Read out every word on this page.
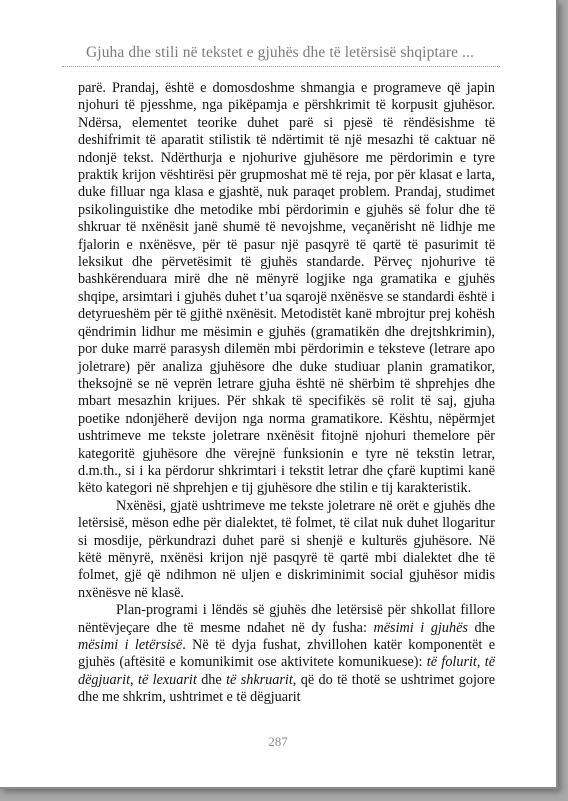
Gjuha dhe stili në tekstet e gjuhës dhe të letërsisë shqiptare ...

parë. Prandaj, është e domosdoshme shmangia e programeve që japin njohuri të pjesshme, nga pikëpamja e përshkrimit të korpusit gjuhësor. Ndërsa, elementet teorike duhet parë si pjesë të rëndësishme të deshifrimit të aparatit stilistik të ndërtimit të një mesazhi të caktuar në ndonjë tekst. Ndërthurja e njohurive gjuhësore me përdorimin e tyre praktik krijon vështirësi për grupmoshat më të reja, por për klasat e larta, duke filluar nga klasa e gjashtë, nuk paraqet problem. Prandaj, studimet psikolinguistike dhe metodike mbi përdorimin e gjuhës së folur dhe të shkruar të nxënësit janë shumë të nevojshme, veçanërisht në lidhje me fjalorin e nxënësve, për të pasur një pasqyrë të qartë të pasurimit të leksikut dhe përvetësimit të gjuhës standarde. Përveç njohurive të bashkërenduara mirë dhe në mënyrë logjike nga gramatika e gjuhës shqipe, arsimtari i gjuhës duhet t’ua sqarojë nxënësve se standardi është i detyrueshëm për të gjithë nxënësit. Metodistët kanë mbrojtur prej kohësh qëndrimin lidhur me mësimin e gjuhës (gramatikën dhe drejtshkrimin), por duke marrë parasysh dilemën mbi përdorimin e teksteve (letrare apo joletrare) për analiza gjuhësore dhe duke studiuar planin gramatikor, theksojnë se në veprën letrare gjuha është në shërbim të shprehjes dhe mbart mesazhin krijues. Për shkak të specifikës së rolit të saj, gjuha poetike ndonjëherë devijon nga norma gramatikore. Kështu, nëpërmjet ushtrimeve me tekste joletrare nxënësit fitojnë njohuri themelore për kategoritë gjuhësore dhe vërejnë funksionin e tyre në tekstin letrar, d.m.th., si i ka përdorur shkrimtari i tekstit letrar dhe çfarë kuptimi kanë këto kategori në shprehjen e tij gjuhësore dhe stilin e tij karakteristik.

Nxënësi, gjatë ushtrimeve me tekste joletrare në orët e gjuhës dhe letërsisë, mëson edhe për dialektet, të folmet, të cilat nuk duhet llogaritur si mosdije, përkundrazi duhet parë si shenjë e kulturës gjuhësore. Në këtë mënyrë, nxënësi krijon një pasqyrë të qartë mbi dialektet dhe të folmet, gjë që ndihmon në uljen e diskriminimit social gjuhësor midis nxënësve në klasë.

Plan-programi i lëndës së gjuhës dhe letërsisë për shkollat fillore nëntëvjeçare dhe të mesme ndahet në dy fusha: mësimi i gjuhës dhe mësimi i letërsisë. Në të dyja fushat, zhvillohen katër komponentët e gjuhës (aftësitë e komunikimit ose aktivitete komunikuese): të folurit, të dëgjuarit, të lexuarit dhe të shkruarit, që do të thotë se ushtrimet gojore dhe me shkrim, ushtrimet e të dëgjuarit

287
